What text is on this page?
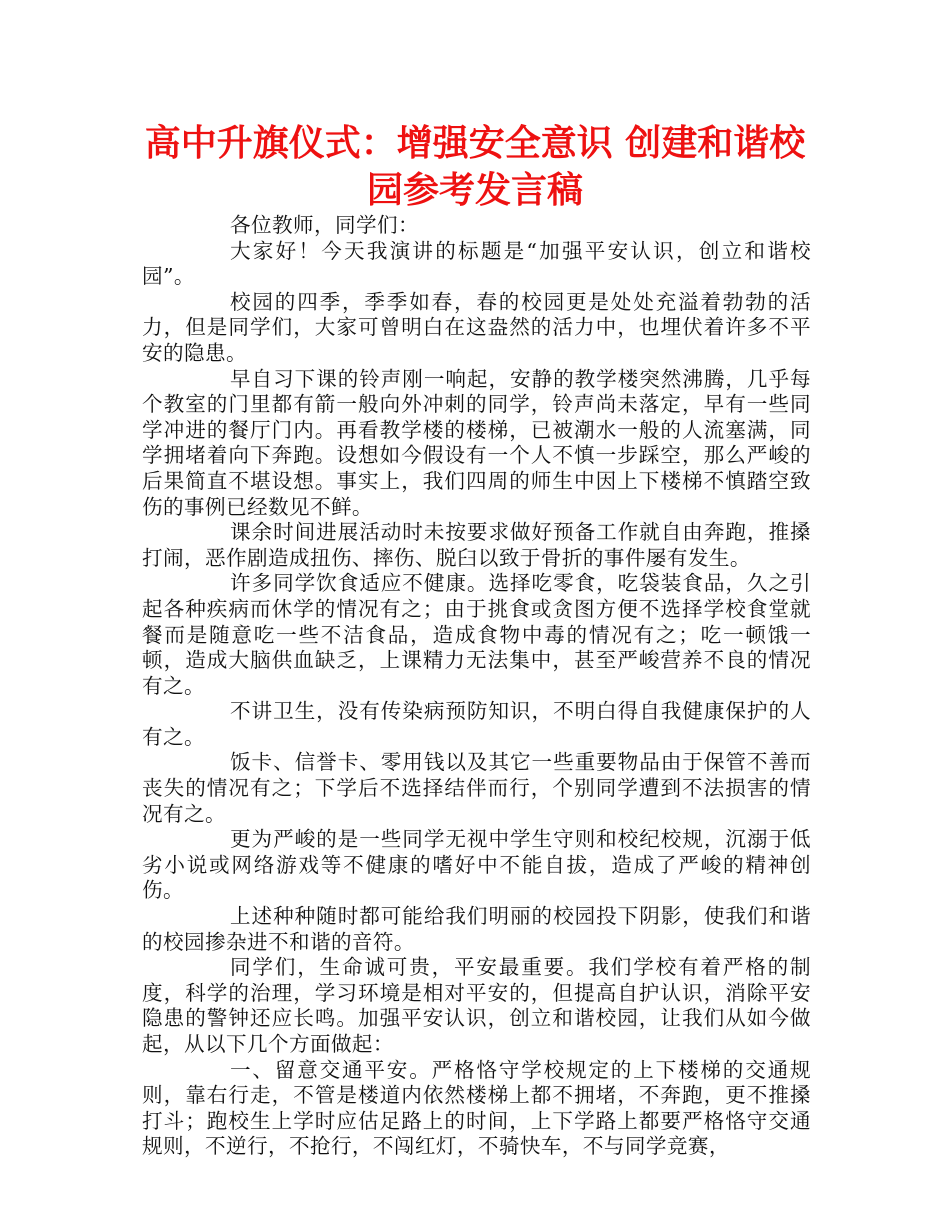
高中升旗仪式：增强安全意识 创建和谐校
园参考发言稿

各位教师，同学们：

大家好！今天我演讲的标题是“加强平安认识，创立和谐校园”。

校园的四季，季季如春，春的校园更是处处充溢着勃勃的活力，但是同学们，大家可曾明白在这盎然的活力中，也埋伏着许多不平安的隐患。

早自习下课的铃声刚一响起，安静的教学楼突然沸腾，几乎每个教室的门里都有箭一般向外冲刺的同学，铃声尚未落定，早有一些同学冲进的餐厅门内。再看教学楼的楼梯，已被潮水一般的人流塞满，同学拥堵着向下奔跑。设想如今假设有一个人不慎一步踩空，那么严峻的后果简直不堪设想。事实上，我们四周的师生中因上下楼梯不慎踏空致伤的事例已经数见不鲜。

课余时间进展活动时未按要求做好预备工作就自由奔跑，推搡打闹，恶作剧造成扭伤、摔伤、脱臼以致于骨折的事件屡有发生。

许多同学饮食适应不健康。选择吃零食，吃袋装食品，久之引起各种疾病而休学的情况有之；由于挑食或贪图方便不选择学校食堂就餐而是随意吃一些不洁食品，造成食物中毒的情况有之；吃一顿饿一顿，造成大脑供血缺乏，上课精力无法集中，甚至严峻营养不良的情况有之。

不讲卫生，没有传染病预防知识，不明白得自我健康保护的人有之。

饭卡、信誉卡、零用钱以及其它一些重要物品由于保管不善而丧失的情况有之；下学后不选择结伴而行，个别同学遭到不法损害的情况有之。

更为严峻的是一些同学无视中学生守则和校纪校规，沉溺于低劣小说或网络游戏等不健康的嗜好中不能自拔，造成了严峻的精神创伤。

上述种种随时都可能给我们明丽的校园投下阴影，使我们和谐的校园掺杂进不和谐的音符。

同学们，生命诚可贵，平安最重要。我们学校有着严格的制度，科学的治理，学习环境是相对平安的，但提高自护认识，消除平安隐患的警钟还应长鸣。加强平安认识，创立和谐校园，让我们从如今做起，从以下几个方面做起：

一、留意交通平安。严格恪守学校规定的上下楼梯的交通规则，靠右行走，不管是楼道内依然楼梯上都不拥堵，不奔跑，更不推搡打斗；跑校生上学时应估足路上的时间，上下学路上都要严格恪守交通规则，不逆行，不抢行，不闯红灯，不骑快车，不与同学竞赛，
